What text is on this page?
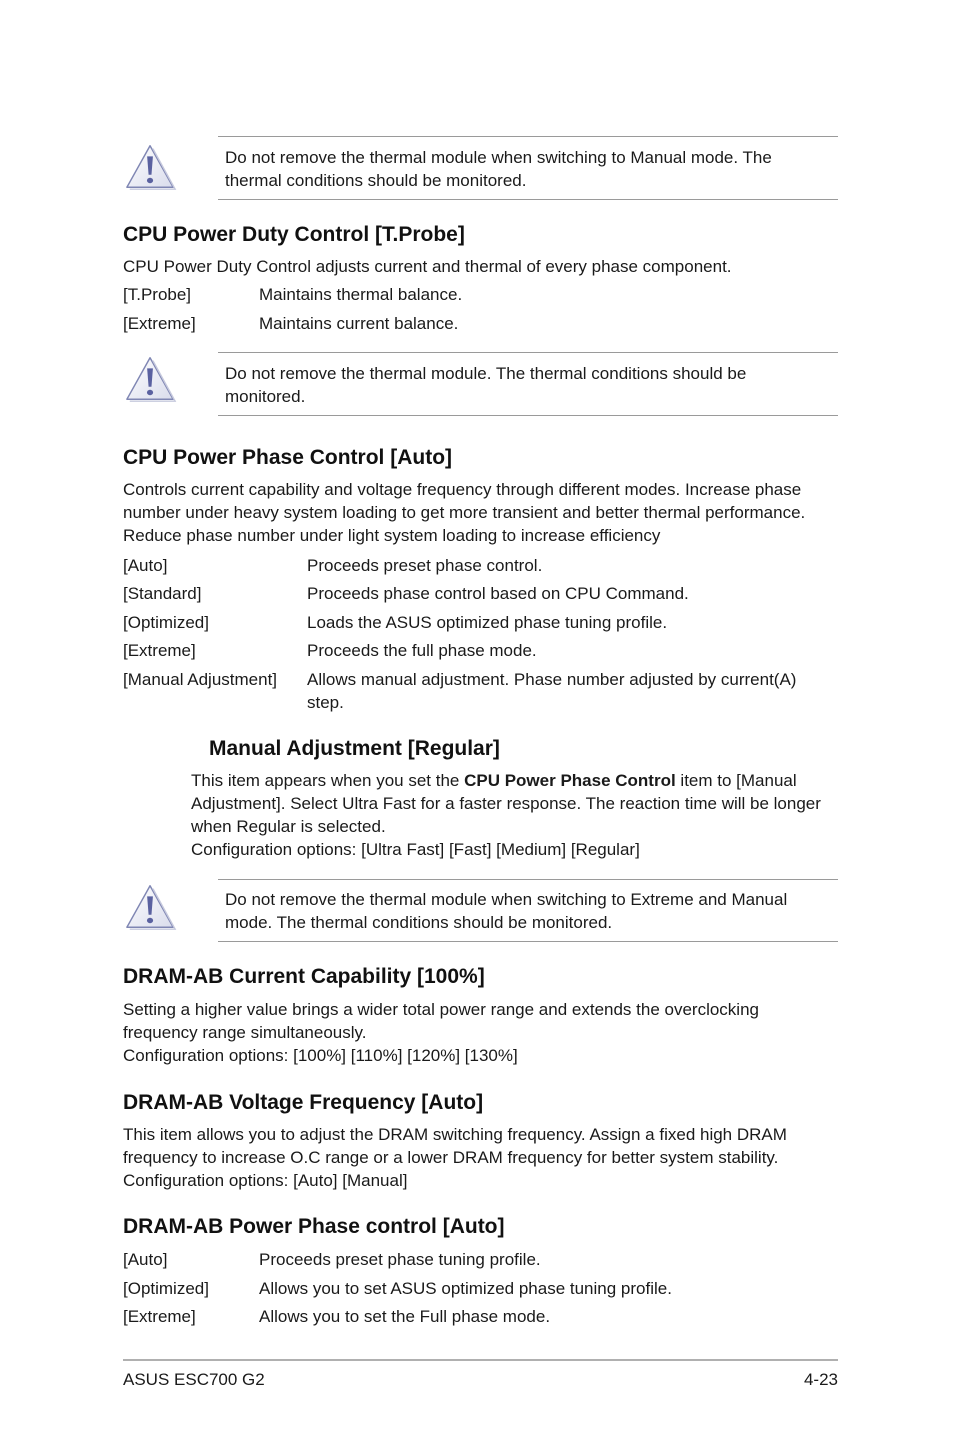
Do not remove the thermal module when switching to Manual mode. The
thermal conditions should be monitored.
CPU Power Duty Control [T.Probe]
CPU Power Duty Control adjusts current and thermal of every phase component.
[T.Probe]	Maintains thermal balance.
[Extreme]	Maintains current balance.
Do not remove the thermal module. The thermal conditions should be
monitored.
CPU Power Phase Control [Auto]
Controls current capability and voltage frequency through different modes. Increase phase
number under heavy system loading to get more transient and better thermal performance.
Reduce phase number under light system loading to increase efficiency
[Auto]	Proceeds preset phase control.
[Standard]	Proceeds phase control based on CPU Command.
[Optimized]	Loads the ASUS optimized phase tuning profile.
[Extreme]	Proceeds the full phase mode.
[Manual Adjustment] Allows manual adjustment. Phase number adjusted by current(A)
step.
Manual Adjustment [Regular]
This item appears when you set the CPU Power Phase Control item to [Manual
Adjustment]. Select Ultra Fast for a faster response. The reaction time will be longer
when Regular is selected.
Configuration options: [Ultra Fast] [Fast] [Medium] [Regular]
Do not remove the thermal module when switching to Extreme and Manual
mode. The thermal conditions should be monitored.
DRAM-AB Current Capability [100%]
Setting a higher value brings a wider total power range and extends the overclocking
frequency range simultaneously.
Configuration options: [100%] [110%] [120%] [130%]
DRAM-AB Voltage Frequency [Auto]
This item allows you to adjust the DRAM switching frequency. Assign a fixed high DRAM
frequency to increase O.C range or a lower DRAM frequency for better system stability.
Configuration options: [Auto] [Manual]
DRAM-AB Power Phase control [Auto]
[Auto]	Proceeds preset phase tuning profile.
[Optimized]	Allows you to set ASUS optimized phase tuning profile.
[Extreme]	Allows you to set the Full phase mode.
ASUS ESC700 G2	4-23
